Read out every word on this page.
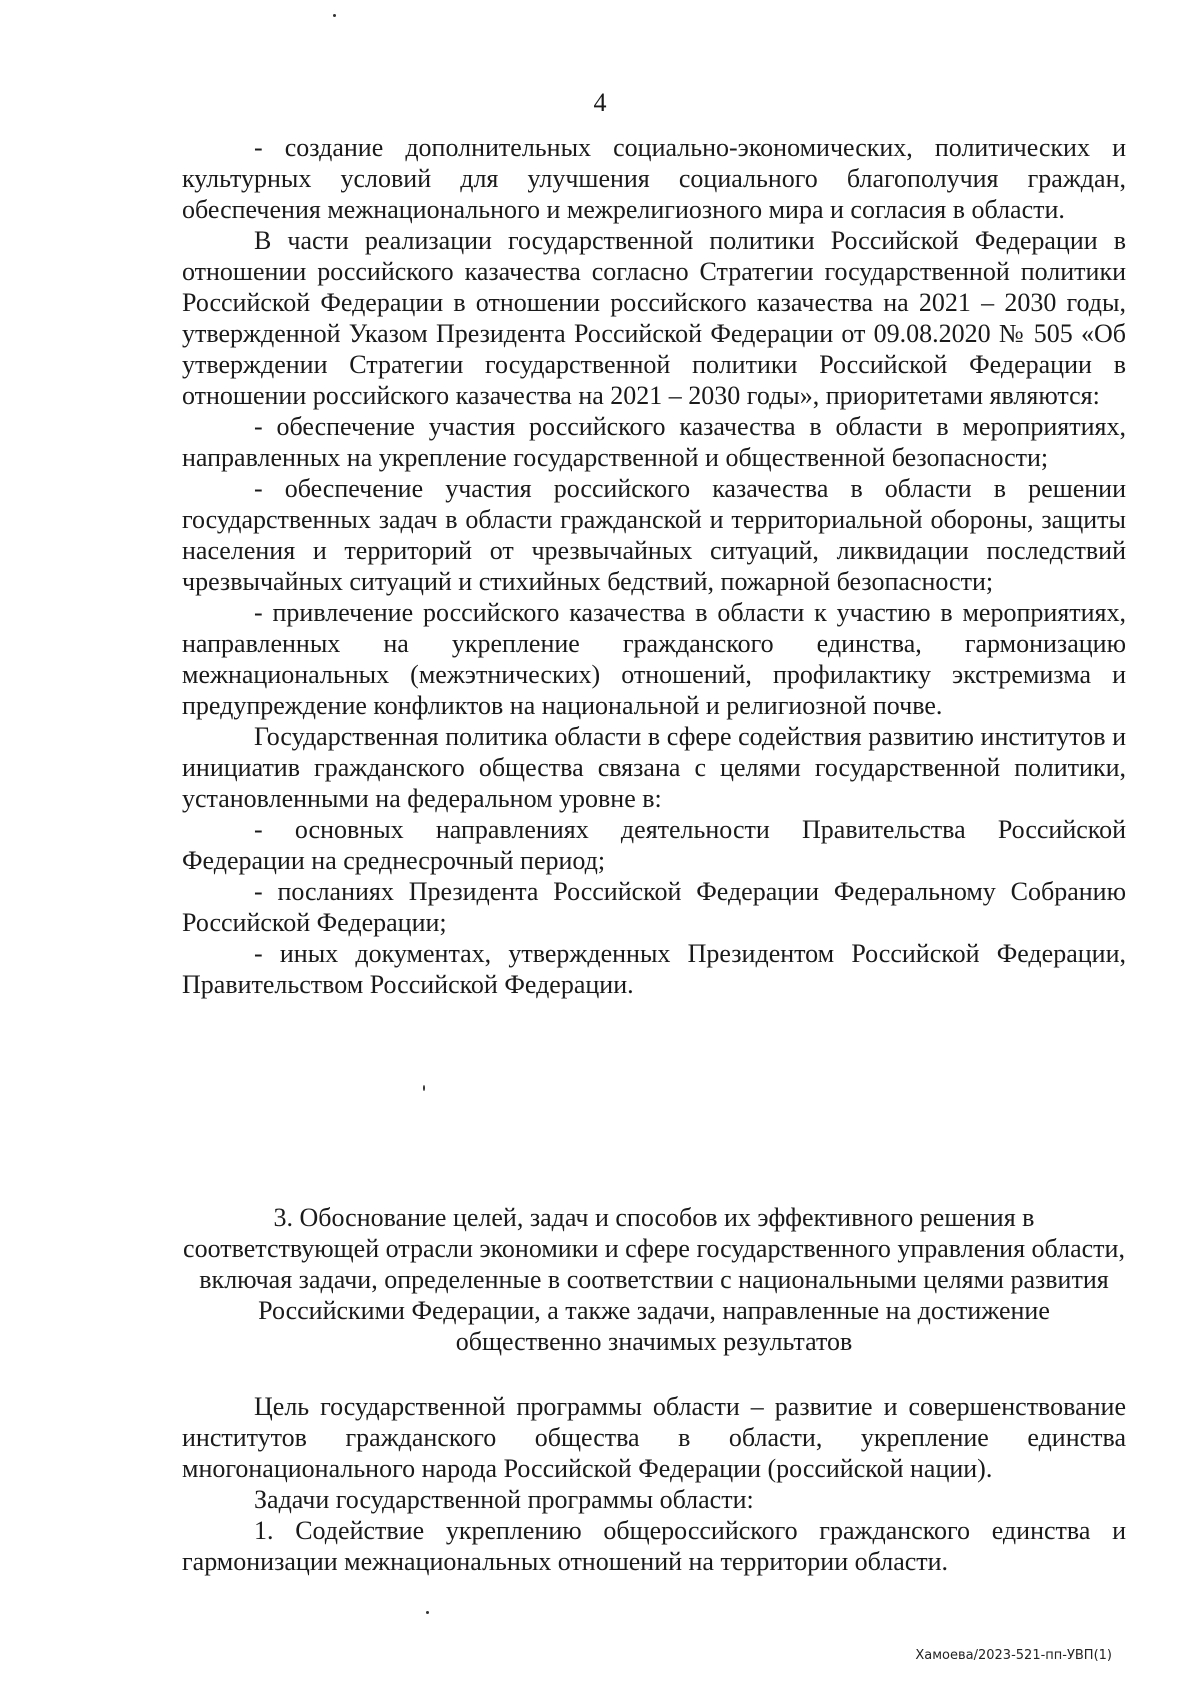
4

- создание дополнительных социально-экономических, политических и культурных условий для улучшения социального благополучия граждан, обеспечения межнационального и межрелигиозного мира и согласия в области.

В части реализации государственной политики Российской Федерации в отношении российского казачества согласно Стратегии государственной политики Российской Федерации в отношении российского казачества на 2021 – 2030 годы, утвержденной Указом Президента Российской Федерации от 09.08.2020 № 505 «Об утверждении Стратегии государственной политики Российской Федерации в отношении российского казачества на 2021 – 2030 годы», приоритетами являются:

- обеспечение участия российского казачества в области в мероприятиях, направленных на укрепление государственной и общественной безопасности;

- обеспечение участия российского казачества в области в решении государственных задач в области гражданской и территориальной обороны, защиты населения и территорий от чрезвычайных ситуаций, ликвидации последствий чрезвычайных ситуаций и стихийных бедствий, пожарной безопасности;

- привлечение российского казачества в области к участию в мероприятиях, направленных на укрепление гражданского единства, гармонизацию межнациональных (межэтнических) отношений, профилактику экстремизма и предупреждение конфликтов на национальной и религиозной почве.

Государственная политика области в сфере содействия развитию институтов и инициатив гражданского общества связана с целями государственной политики, установленными на федеральном уровне в:

- основных направлениях деятельности Правительства Российской Федерации на среднесрочный период;

- посланиях Президента Российской Федерации Федеральному Собранию Российской Федерации;

- иных документах, утвержденных Президентом Российской Федерации, Правительством Российской Федерации.

3. Обоснование целей, задач и способов их эффективного решения в соответствующей отрасли экономики и сфере государственного управления области, включая задачи, определенные в соответствии с национальными целями развития Российскими Федерации, а также задачи, направленные на достижение общественно значимых результатов

Цель государственной программы области – развитие и совершенствование институтов гражданского общества в области, укрепление единства многонационального народа Российской Федерации (российской нации).

Задачи государственной программы области:

1. Содействие укреплению общероссийского гражданского единства и гармонизации межнациональных отношений на территории области.

Хамоева/2023-521-пп-УВП(1)
